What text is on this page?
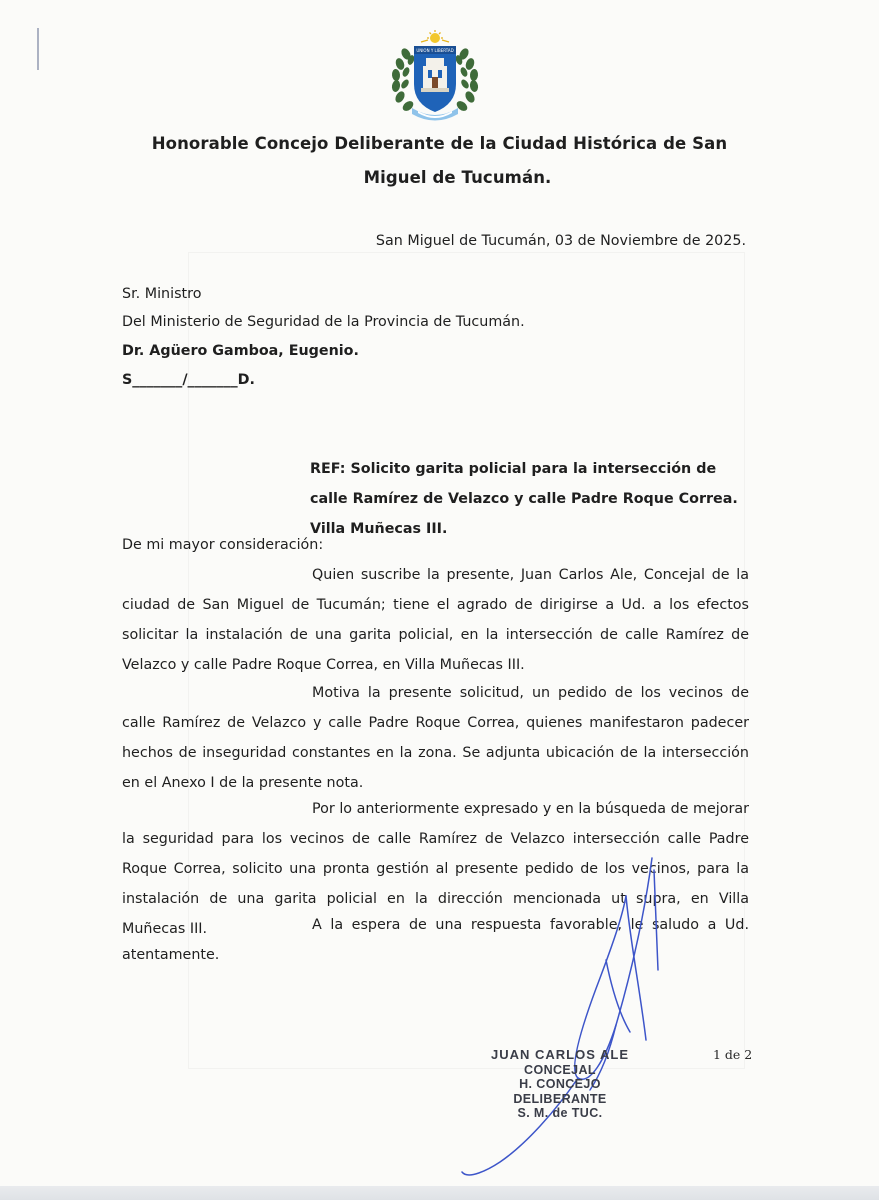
UNION Y LIBERTAD
Honorable Concejo Deliberante de la Ciudad Histórica de San
Miguel de Tucumán.
San Miguel de Tucumán, 03 de Noviembre de 2025.
Sr. Ministro
Del Ministerio de Seguridad de la Provincia de Tucumán.
Dr. Agüero Gamboa, Eugenio.
S_______/_______D.
REF: Solicito garita policial para la intersección de calle Ramírez de Velazco y calle Padre Roque Correa. Villa Muñecas III.
De mi mayor consideración:
Quien suscribe la presente, Juan Carlos Ale, Concejal de la ciudad de San Miguel de Tucumán; tiene el agrado de dirigirse a Ud. a los efectos solicitar la instalación de una garita policial, en la intersección de calle Ramírez de Velazco y calle Padre Roque Correa, en Villa Muñecas III.
Motiva la presente solicitud, un pedido de los vecinos de calle Ramírez de Velazco y calle Padre Roque Correa, quienes manifestaron padecer hechos de inseguridad constantes en la zona. Se adjunta ubicación de la intersección en el Anexo I de la presente nota.
Por lo anteriormente expresado y en la búsqueda de mejorar la seguridad para los vecinos de calle Ramírez de Velazco intersección calle Padre Roque Correa, solicito una pronta gestión al presente pedido de los vecinos, para la instalación de una garita policial en la dirección mencionada ut supra, en Villa Muñecas III.	A la espera de una respuesta favorable, le saludo a Ud. atentamente.
JUAN CARLOS ALE
CONCEJAL
H. CONCEJO DELIBERANTE
S. M. de TUC.
1 de 2
